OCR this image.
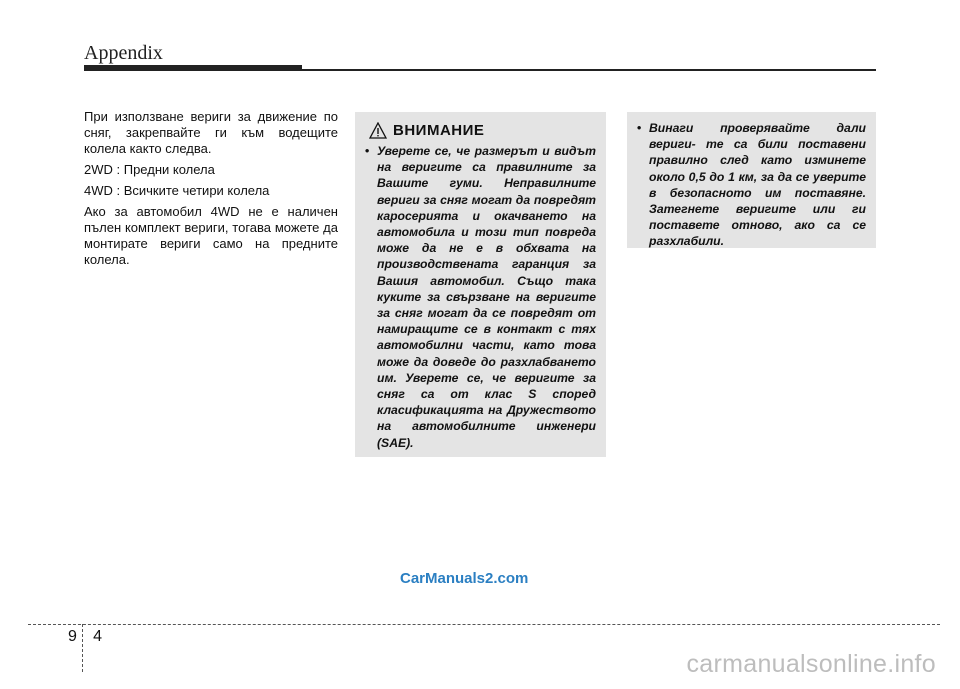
Appendix

При използване вериги за движение по сняг, закрепвайте ги към водещите колела както следва.

2WD : Предни колела

4WD : Всичките четири колела

Ако за автомобил 4WD не е наличен пълен комплект вериги, тогава можете да монтирате вериги само на предните колела.

ВНИМАНИЕ
• Уверете се, че размерът и видът на веригите са правилните за Вашите гуми. Неправилните вериги за сняг могат да повредят каросерията и окачването на автомобила и този тип повреда може да не е в обхвата на производствената гаранция за Вашия автомобил. Също така куките за свързване на веригите за сняг могат да се повредят от намиращите се в контакт с тях автомобилни части, като това може да доведе до разхлабването им. Уверете се, че веригите за сняг са от клас S според класификацията на Дружеството на автомобилните инженери (SAE).
• Винаги проверявайте дали вериги- те са били поставени правилно след като изминете около 0,5 до 1 км, за да се уверите в безопасното им поставяне. Затегнете веригите или ги поставете отново, ако са се разхлабили.
CarManuals2.com
9 4
carmanualsonline.info
